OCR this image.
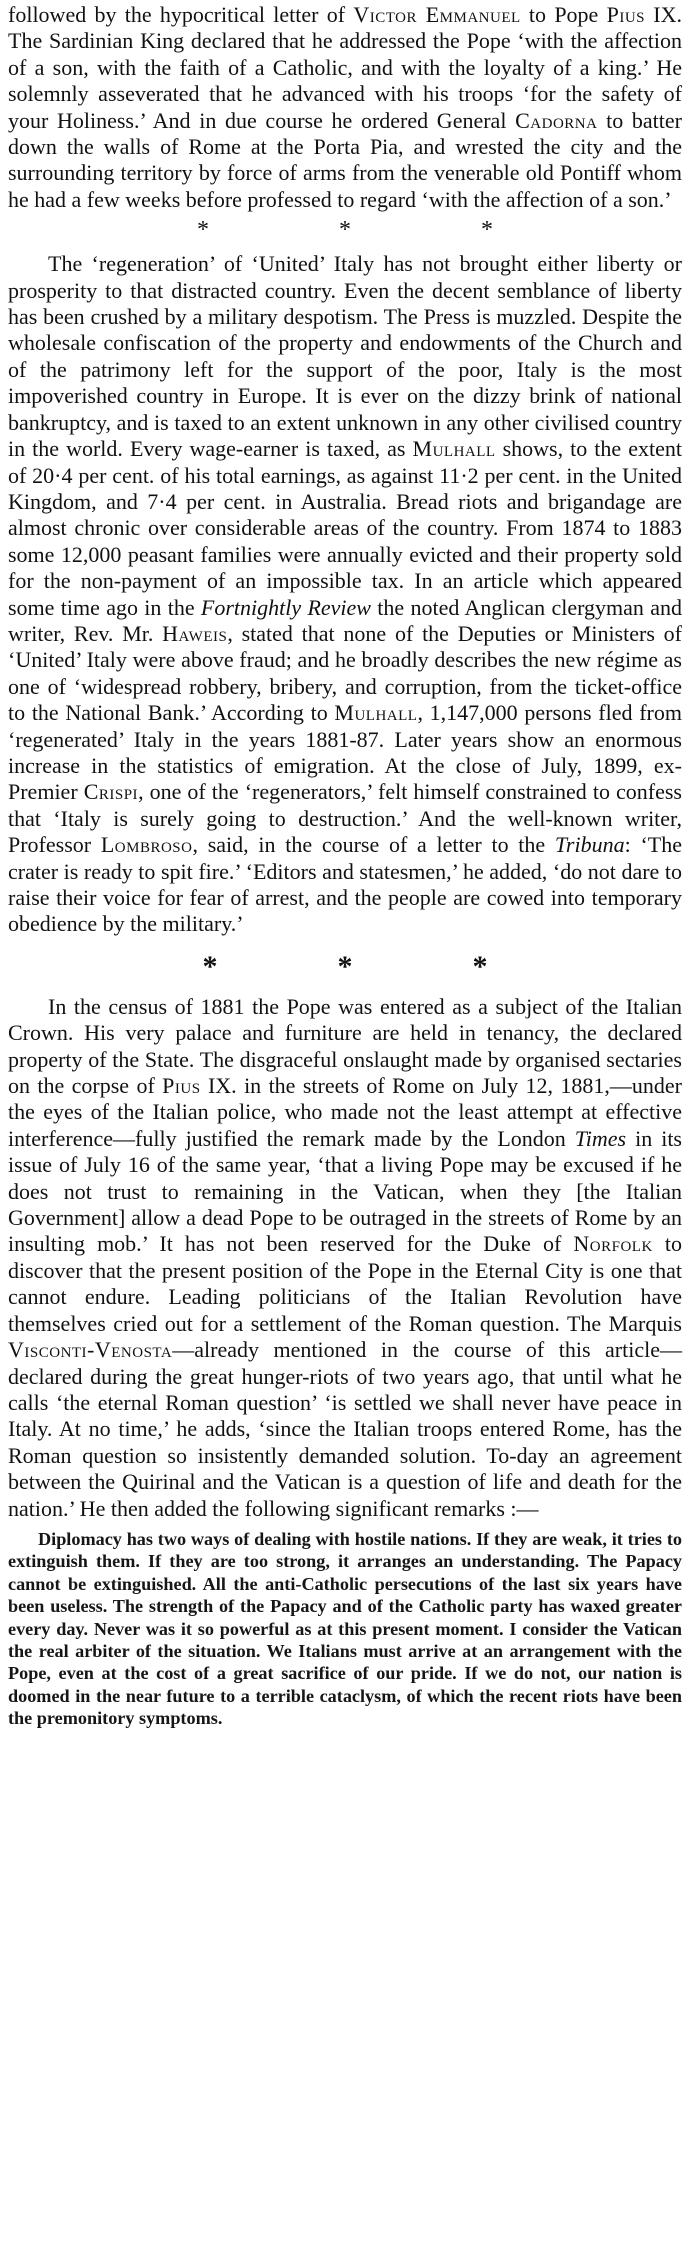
followed by the hypocritical letter of Victor Emmanuel to Pope Pius IX. The Sardinian King declared that he addressed the Pope ‘with the affection of a son, with the faith of a Catholic, and with the loyalty of a king.’ He solemnly asseverated that he advanced with his troops ‘for the safety of your Holiness.’ And in due course he ordered General Cadorna to batter down the walls of Rome at the Porta Pia, and wrested the city and the surrounding territory by force of arms from the venerable old Pontiff whom he had a few weeks before professed to regard ‘with the affection of a son.’

*	*	*

The ‘regeneration’ of ‘United’ Italy has not brought either liberty or prosperity to that distracted country. Even the decent semblance of liberty has been crushed by a military despotism. The Press is muzzled. Despite the wholesale confiscation of the property and endowments of the Church and of the patrimony left for the support of the poor, Italy is the most impoverished country in Europe. It is ever on the dizzy brink of national bankruptcy, and is taxed to an extent unknown in any other civilised country in the world. Every wage-earner is taxed, as Mulhall shows, to the extent of 20·4 per cent. of his total earnings, as against 11·2 per cent. in the United Kingdom, and 7·4 per cent. in Australia. Bread riots and brigandage are almost chronic over considerable areas of the country. From 1874 to 1883 some 12,000 peasant families were annually evicted and their property sold for the non-payment of an impossible tax. In an article which appeared some time ago in the Fortnightly Review the noted Anglican clergyman and writer, Rev. Mr. Haweis, stated that none of the Deputies or Ministers of ‘United’ Italy were above fraud; and he broadly describes the new régime as one of ‘widespread robbery, bribery, and corruption, from the ticket-office to the National Bank.’ According to Mulhall, 1,147,000 persons fled from ‘regenerated’ Italy in the years 1881-87. Later years show an enormous increase in the statistics of emigration. At the close of July, 1899, ex-Premier Crispi, one of the ‘regenerators,’ felt himself constrained to confess that ‘Italy is surely going to destruction.’ And the well-known writer, Professor Lombroso, said, in the course of a letter to the Tribuna: ‘The crater is ready to spit fire.’ ‘Editors and statesmen,’ he added, ‘do not dare to raise their voice for fear of arrest, and the people are cowed into temporary obedience by the military.’

*	*	*

In the census of 1881 the Pope was entered as a subject of the Italian Crown. His very palace and furniture are held in tenancy, the declared property of the State. The disgraceful onslaught made by organised sectaries on the corpse of Pius IX. in the streets of Rome on July 12, 1881,—under the eyes of the Italian police, who made not the least attempt at effective interference—fully justified the remark made by the London Times in its issue of July 16 of the same year, ‘that a living Pope may be excused if he does not trust to remaining in the Vatican, when they [the Italian Government] allow a dead Pope to be outraged in the streets of Rome by an insulting mob.’ It has not been reserved for the Duke of Norfolk to discover that the present position of the Pope in the Eternal City is one that cannot endure. Leading politicians of the Italian Revolution have themselves cried out for a settlement of the Roman question. The Marquis Visconti-Venosta—already mentioned in the course of this article—declared during the great hunger-riots of two years ago, that until what he calls ‘the eternal Roman question’ ‘is settled we shall never have peace in Italy. At no time,’ he adds, ‘since the Italian troops entered Rome, has the Roman question so insistently demanded solution. To-day an agreement between the Quirinal and the Vatican is a question of life and death for the nation.’ He then added the following significant remarks :—

Diplomacy has two ways of dealing with hostile nations. If they are weak, it tries to extinguish them. If they are too strong, it arranges an understanding. The Papacy cannot be extinguished. All the anti-Catholic persecutions of the last six years have been useless. The strength of the Papacy and of the Catholic party has waxed greater every day. Never was it so powerful as at this present moment. I consider the Vatican the real arbiter of the situation. We Italians must arrive at an arrangement with the Pope, even at the cost of a great sacrifice of our pride. If we do not, our nation is doomed in the near future to a terrible cataclysm, of which the recent riots have been the premonitory symptoms.
